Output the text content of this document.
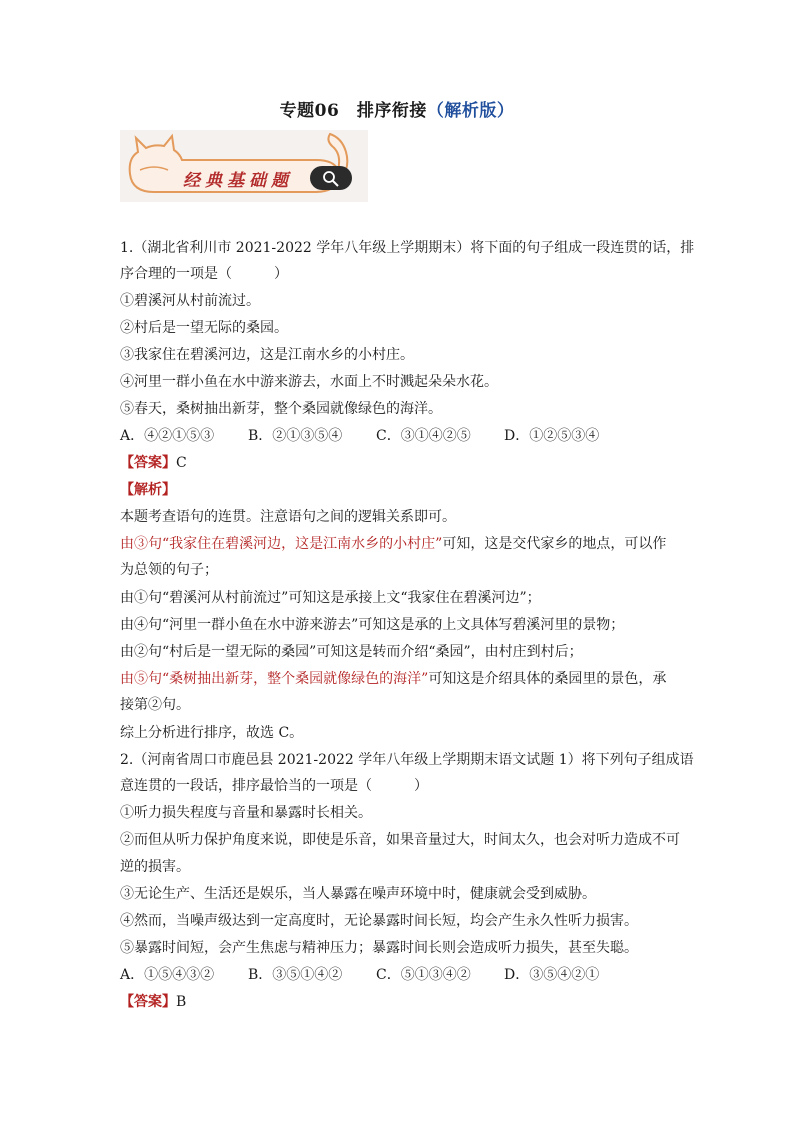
专题06　排序衔接（解析版）
经典基础题
1.（湖北省利川市 2021-2022 学年八年级上学期期末）将下面的句子组成一段连贯的话，排
序合理的一项是（　　　）
①碧溪河从村前流过。
②村后是一望无际的桑园。
③我家住在碧溪河边，这是江南水乡的小村庄。
④河里一群小鱼在水中游来游去，水面上不时溅起朵朵水花。
⑤春天，桑树抽出新芽，整个桑园就像绿色的海洋。
A．④②①⑤③	B．②①③⑤④	C．③①④②⑤	D．①②⑤③④
【答案】C
【解析】
本题考查语句的连贯。注意语句之间的逻辑关系即可。
由③句“我家住在碧溪河边，这是江南水乡的小村庄”可知，这是交代家乡的地点，可以作
为总领的句子；
由①句“碧溪河从村前流过”可知这是承接上文“我家住在碧溪河边”；
由④句“河里一群小鱼在水中游来游去”可知这是承的上文具体写碧溪河里的景物；
由②句“村后是一望无际的桑园”可知这是转而介绍“桑园”，由村庄到村后；
由⑤句“桑树抽出新芽，整个桑园就像绿色的海洋”可知这是介绍具体的桑园里的景色，承
接第②句。
综上分析进行排序，故选 C。
2.（河南省周口市鹿邑县 2021-2022 学年八年级上学期期末语文试题 1）将下列句子组成语
意连贯的一段话，排序最恰当的一项是（　　　）
①听力损失程度与音量和暴露时长相关。
②而但从听力保护角度来说，即使是乐音，如果音量过大，时间太久，也会对听力造成不可
逆的损害。
③无论生产、生活还是娱乐，当人暴露在噪声环境中时，健康就会受到威胁。
④然而，当噪声级达到一定高度时，无论暴露时间长短，均会产生永久性听力损害。
⑤暴露时间短，会产生焦虑与精神压力；暴露时间长则会造成听力损失，甚至失聪。
A．①⑤④③②	B．③⑤①④②	C．⑤①③④②	D．③⑤④②①
【答案】B
